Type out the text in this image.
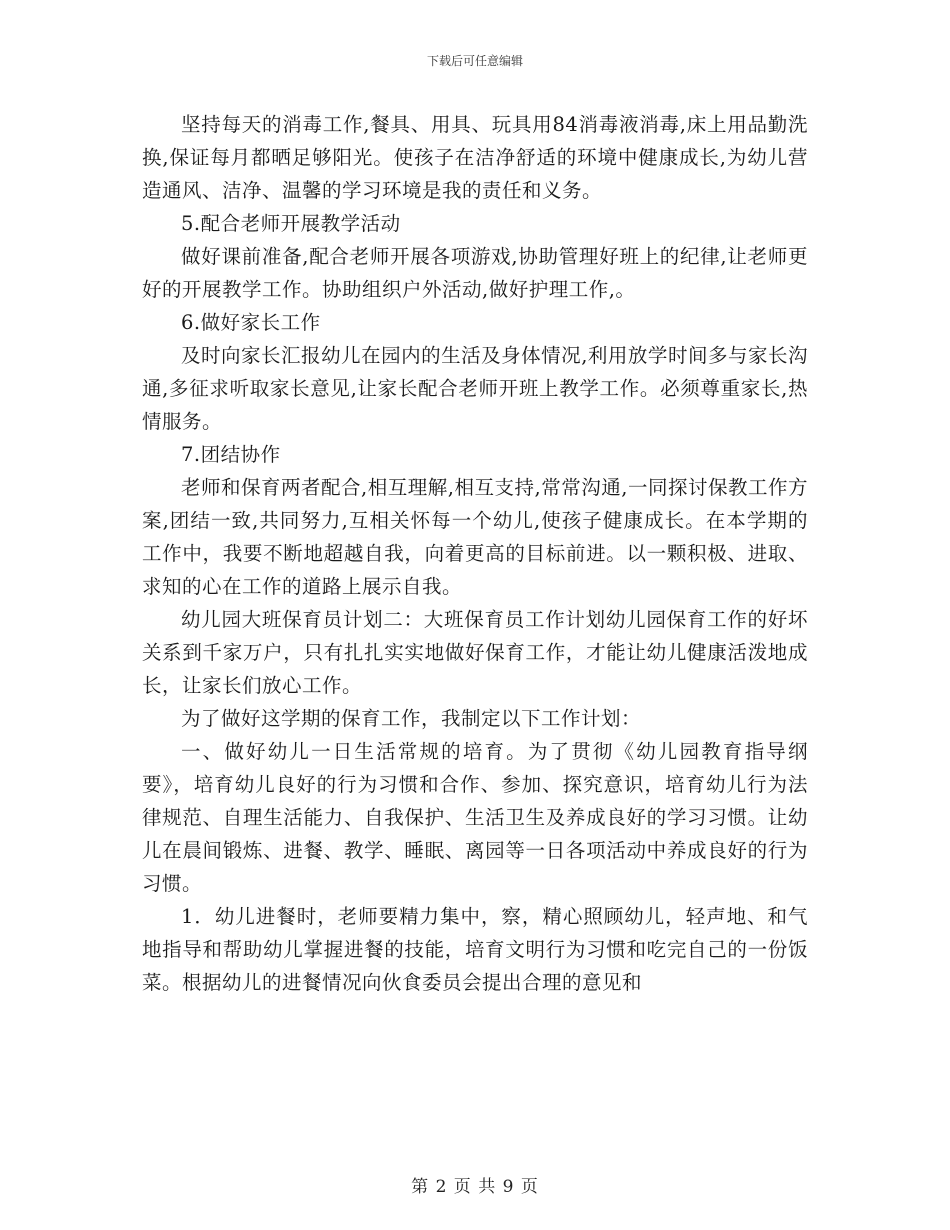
下载后可任意编辑

坚持每天的消毒工作,餐具、用具、玩具用84消毒液消毒,床上用品勤洗换,保证每月都晒足够阳光。使孩子在洁净舒适的环境中健康成长,为幼儿营造通风、洁净、温馨的学习环境是我的责任和义务。

5.配合老师开展教学活动

做好课前准备,配合老师开展各项游戏,协助管理好班上的纪律,让老师更好的开展教学工作。协助组织户外活动,做好护理工作,。

6.做好家长工作

及时向家长汇报幼儿在园内的生活及身体情况,利用放学时间多与家长沟通,多征求听取家长意见,让家长配合老师开班上教学工作。必须尊重家长,热情服务。

7.团结协作

老师和保育两者配合,相互理解,相互支持,常常沟通,一同探讨保教工作方案,团结一致,共同努力,互相关怀每一个幼儿,使孩子健康成长。在本学期的工作中，我要不断地超越自我，向着更高的目标前进。以一颗积极、进取、求知的心在工作的道路上展示自我。

幼儿园大班保育员计划二：大班保育员工作计划幼儿园保育工作的好坏关系到千家万户，只有扎扎实实地做好保育工作，才能让幼儿健康活泼地成长，让家长们放心工作。

为了做好这学期的保育工作，我制定以下工作计划：

一、做好幼儿一日生活常规的培育。为了贯彻《幼儿园教育指导纲要》，培育幼儿良好的行为习惯和合作、参加、探究意识，培育幼儿行为法律规范、自理生活能力、自我保护、生活卫生及养成良好的学习习惯。让幼儿在晨间锻炼、进餐、教学、睡眠、离园等一日各项活动中养成良好的行为习惯。

1．幼儿进餐时，老师要精力集中，察，精心照顾幼儿，轻声地、和气地指导和帮助幼儿掌握进餐的技能，培育文明行为习惯和吃完自己的一份饭菜。根据幼儿的进餐情况向伙食委员会提出合理的意见和

第 2 页 共 9 页
